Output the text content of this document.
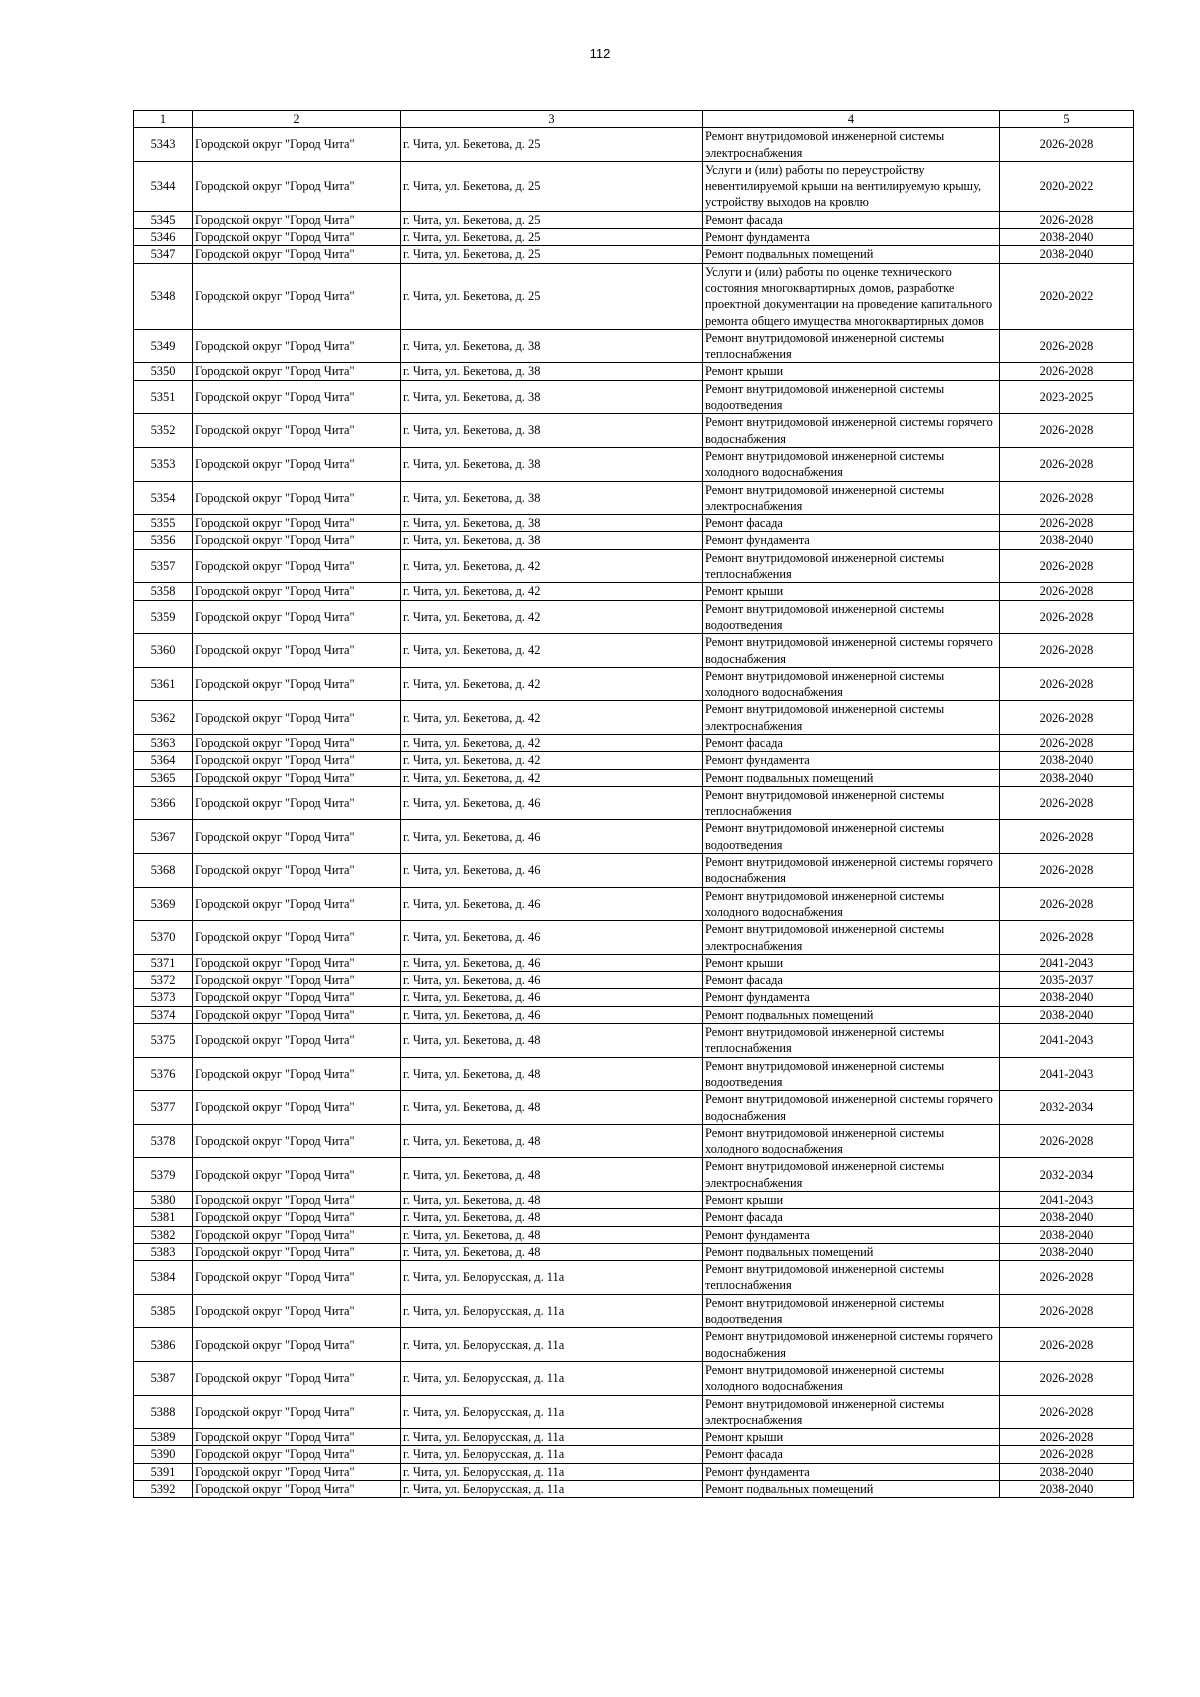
112
1	2	3	4	5
5343	Городской округ "Город Чита"	г. Чита, ул. Бекетова, д. 25	Ремонт внутридомовой инженерной системы электроснабжения	2026-2028
5344	Городской округ "Город Чита"	г. Чита, ул. Бекетова, д. 25	Услуги и (или) работы по переустройству невентилируемой крыши на вентилируемую крышу, устройству выходов на кровлю	2020-2022
5345	Городской округ "Город Чита"	г. Чита, ул. Бекетова, д. 25	Ремонт фасада	2026-2028
5346	Городской округ "Город Чита"	г. Чита, ул. Бекетова, д. 25	Ремонт фундамента	2038-2040
5347	Городской округ "Город Чита"	г. Чита, ул. Бекетова, д. 25	Ремонт подвальных помещений	2038-2040
5348	Городской округ "Город Чита"	г. Чита, ул. Бекетова, д. 25	Услуги и (или) работы по оценке технического состояния многоквартирных домов, разработке проектной документации на проведение капитального ремонта общего имущества многоквартирных домов	2020-2022
5349	Городской округ "Город Чита"	г. Чита, ул. Бекетова, д. 38	Ремонт внутридомовой инженерной системы теплоснабжения	2026-2028
5350	Городской округ "Город Чита"	г. Чита, ул. Бекетова, д. 38	Ремонт крыши	2026-2028
5351	Городской округ "Город Чита"	г. Чита, ул. Бекетова, д. 38	Ремонт внутридомовой инженерной системы водоотведения	2023-2025
5352	Городской округ "Город Чита"	г. Чита, ул. Бекетова, д. 38	Ремонт внутридомовой инженерной системы горячего водоснабжения	2026-2028
5353	Городской округ "Город Чита"	г. Чита, ул. Бекетова, д. 38	Ремонт внутридомовой инженерной системы холодного водоснабжения	2026-2028
5354	Городской округ "Город Чита"	г. Чита, ул. Бекетова, д. 38	Ремонт внутридомовой инженерной системы электроснабжения	2026-2028
5355	Городской округ "Город Чита"	г. Чита, ул. Бекетова, д. 38	Ремонт фасада	2026-2028
5356	Городской округ "Город Чита"	г. Чита, ул. Бекетова, д. 38	Ремонт фундамента	2038-2040
5357	Городской округ "Город Чита"	г. Чита, ул. Бекетова, д. 42	Ремонт внутридомовой инженерной системы теплоснабжения	2026-2028
5358	Городской округ "Город Чита"	г. Чита, ул. Бекетова, д. 42	Ремонт крыши	2026-2028
5359	Городской округ "Город Чита"	г. Чита, ул. Бекетова, д. 42	Ремонт внутридомовой инженерной системы водоотведения	2026-2028
5360	Городской округ "Город Чита"	г. Чита, ул. Бекетова, д. 42	Ремонт внутридомовой инженерной системы горячего водоснабжения	2026-2028
5361	Городской округ "Город Чита"	г. Чита, ул. Бекетова, д. 42	Ремонт внутридомовой инженерной системы холодного водоснабжения	2026-2028
5362	Городской округ "Город Чита"	г. Чита, ул. Бекетова, д. 42	Ремонт внутридомовой инженерной системы электроснабжения	2026-2028
5363	Городской округ "Город Чита"	г. Чита, ул. Бекетова, д. 42	Ремонт фасада	2026-2028
5364	Городской округ "Город Чита"	г. Чита, ул. Бекетова, д. 42	Ремонт фундамента	2038-2040
5365	Городской округ "Город Чита"	г. Чита, ул. Бекетова, д. 42	Ремонт подвальных помещений	2038-2040
5366	Городской округ "Город Чита"	г. Чита, ул. Бекетова, д. 46	Ремонт внутридомовой инженерной системы теплоснабжения	2026-2028
5367	Городской округ "Город Чита"	г. Чита, ул. Бекетова, д. 46	Ремонт внутридомовой инженерной системы водоотведения	2026-2028
5368	Городской округ "Город Чита"	г. Чита, ул. Бекетова, д. 46	Ремонт внутридомовой инженерной системы горячего водоснабжения	2026-2028
5369	Городской округ "Город Чита"	г. Чита, ул. Бекетова, д. 46	Ремонт внутридомовой инженерной системы холодного водоснабжения	2026-2028
5370	Городской округ "Город Чита"	г. Чита, ул. Бекетова, д. 46	Ремонт внутридомовой инженерной системы электроснабжения	2026-2028
5371	Городской округ "Город Чита"	г. Чита, ул. Бекетова, д. 46	Ремонт крыши	2041-2043
5372	Городской округ "Город Чита"	г. Чита, ул. Бекетова, д. 46	Ремонт фасада	2035-2037
5373	Городской округ "Город Чита"	г. Чита, ул. Бекетова, д. 46	Ремонт фундамента	2038-2040
5374	Городской округ "Город Чита"	г. Чита, ул. Бекетова, д. 46	Ремонт подвальных помещений	2038-2040
5375	Городской округ "Город Чита"	г. Чита, ул. Бекетова, д. 48	Ремонт внутридомовой инженерной системы теплоснабжения	2041-2043
5376	Городской округ "Город Чита"	г. Чита, ул. Бекетова, д. 48	Ремонт внутридомовой инженерной системы водоотведения	2041-2043
5377	Городской округ "Город Чита"	г. Чита, ул. Бекетова, д. 48	Ремонт внутридомовой инженерной системы горячего водоснабжения	2032-2034
5378	Городской округ "Город Чита"	г. Чита, ул. Бекетова, д. 48	Ремонт внутридомовой инженерной системы холодного водоснабжения	2026-2028
5379	Городской округ "Город Чита"	г. Чита, ул. Бекетова, д. 48	Ремонт внутридомовой инженерной системы электроснабжения	2032-2034
5380	Городской округ "Город Чита"	г. Чита, ул. Бекетова, д. 48	Ремонт крыши	2041-2043
5381	Городской округ "Город Чита"	г. Чита, ул. Бекетова, д. 48	Ремонт фасада	2038-2040
5382	Городской округ "Город Чита"	г. Чита, ул. Бекетова, д. 48	Ремонт фундамента	2038-2040
5383	Городской округ "Город Чита"	г. Чита, ул. Бекетова, д. 48	Ремонт подвальных помещений	2038-2040
5384	Городской округ "Город Чита"	г. Чита, ул. Белорусская, д. 11а	Ремонт внутридомовой инженерной системы теплоснабжения	2026-2028
5385	Городской округ "Город Чита"	г. Чита, ул. Белорусская, д. 11а	Ремонт внутридомовой инженерной системы водоотведения	2026-2028
5386	Городской округ "Город Чита"	г. Чита, ул. Белорусская, д. 11а	Ремонт внутридомовой инженерной системы горячего водоснабжения	2026-2028
5387	Городской округ "Город Чита"	г. Чита, ул. Белорусская, д. 11а	Ремонт внутридомовой инженерной системы холодного водоснабжения	2026-2028
5388	Городской округ "Город Чита"	г. Чита, ул. Белорусская, д. 11а	Ремонт внутридомовой инженерной системы электроснабжения	2026-2028
5389	Городской округ "Город Чита"	г. Чита, ул. Белорусская, д. 11а	Ремонт крыши	2026-2028
5390	Городской округ "Город Чита"	г. Чита, ул. Белорусская, д. 11а	Ремонт фасада	2026-2028
5391	Городской округ "Город Чита"	г. Чита, ул. Белорусская, д. 11а	Ремонт фундамента	2038-2040
5392	Городской округ "Город Чита"	г. Чита, ул. Белорусская, д. 11а	Ремонт подвальных помещений	2038-2040
